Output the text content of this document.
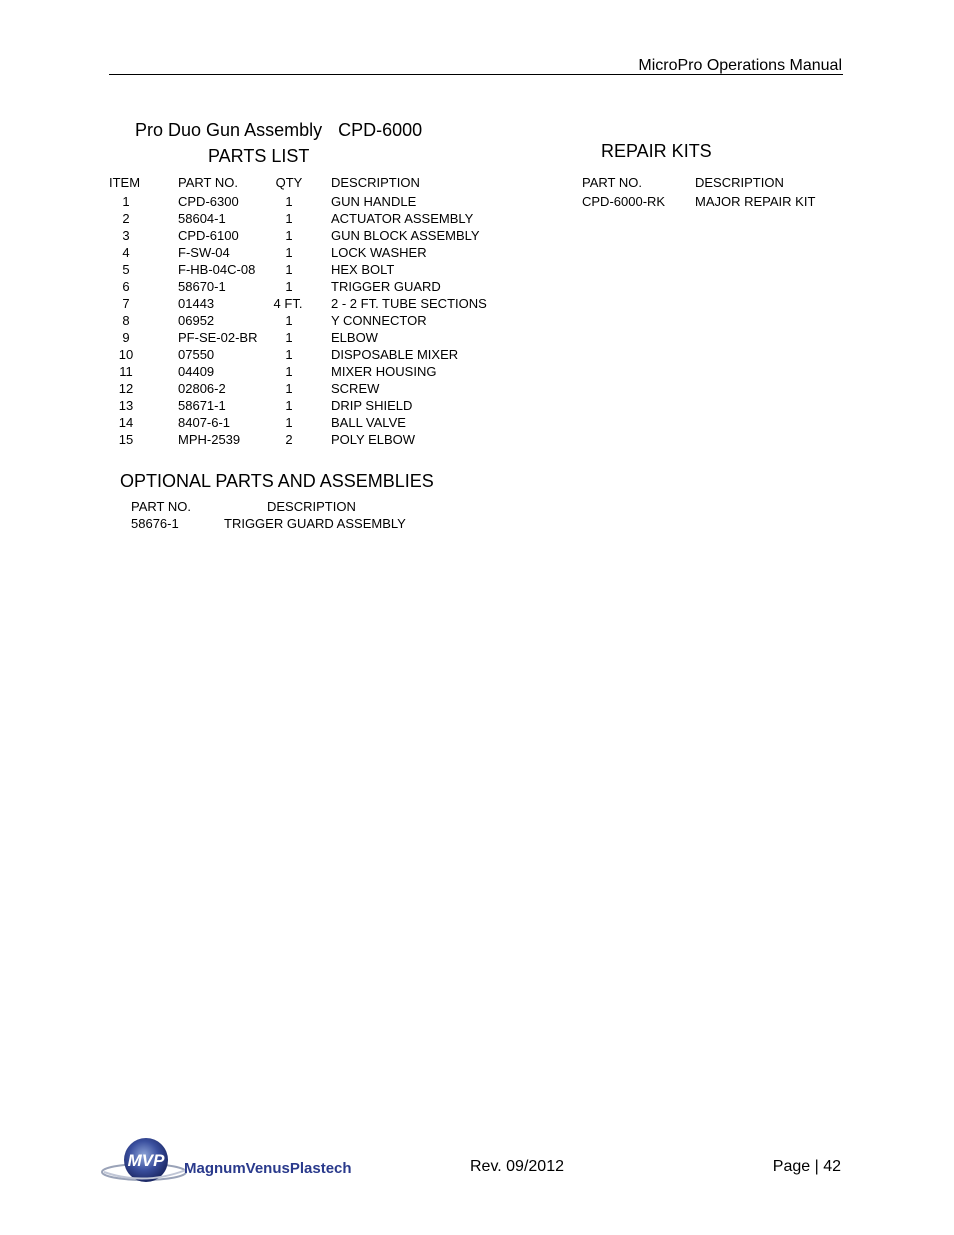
MicroPro Operations Manual
Pro Duo Gun Assembly CPD-6000
PARTS LIST	REPAIR KITS
ITEM	PART NO.	QTY	DESCRIPTION
1	CPD-6300	1	GUN HANDLE
2	58604-1	1	ACTUATOR ASSEMBLY
3	CPD-6100	1	GUN BLOCK ASSEMBLY
4	F-SW-04	1	LOCK WASHER
5	F-HB-04C-08	1	HEX BOLT
6	58670-1	1	TRIGGER GUARD
7	01443	4 FT.	2 - 2 FT. TUBE SECTIONS
8	06952	1	Y CONNECTOR
9	PF-SE-02-BR	1	ELBOW
10	07550	1	DISPOSABLE MIXER
11	04409	1	MIXER HOUSING
12	02806-2	1	SCREW
13	58671-1	1	DRIP SHIELD
14	8407-6-1	1	BALL VALVE
15	MPH-2539	2	POLY ELBOW
PART NO.	DESCRIPTION
CPD-6000-RK MAJOR REPAIR KIT
OPTIONAL PARTS AND ASSEMBLIES
PART NO.	DESCRIPTION
58676-1	TRIGGER GUARD ASSEMBLY
MVP MagnumVenusPlastech	Rev. 09/2012	Page | 42
